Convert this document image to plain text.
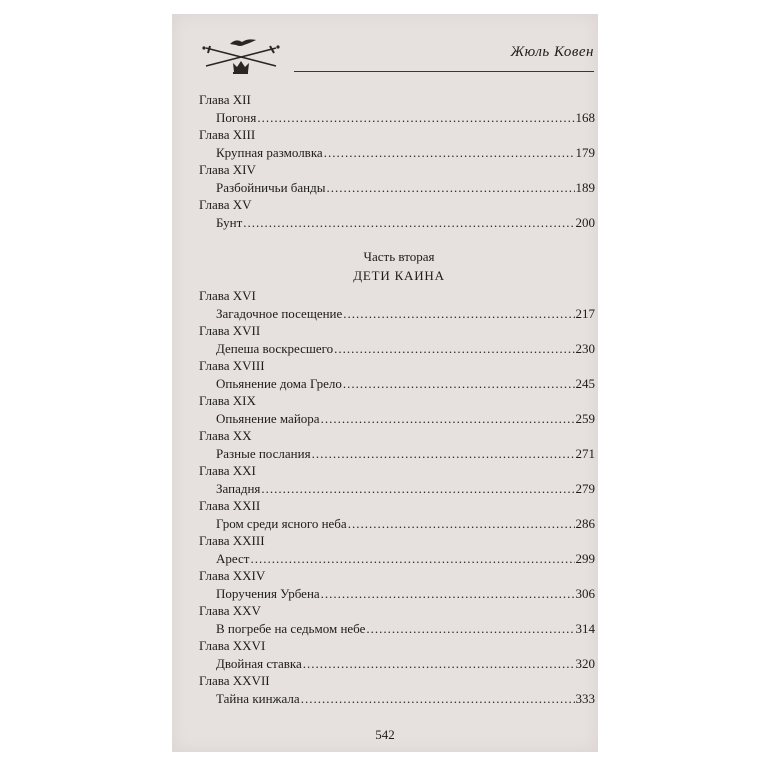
Жюль Ковен
Глава XII
Погоня .....	168
Глава XIII
Крупная размолвка .....	179
Глава XIV
Разбойничьи банды .....	189
Глава XV
Бунт .....	200
Часть вторая
ДЕТИ КАИНА
Глава XVI
Загадочное посещение .....	217
Глава XVII
Депеша воскресшего .....	230
Глава XVIII
Опьянение дома Грело .....	245
Глава XIX
Опьянение майора .....	259
Глава XX
Разные послания .....	271
Глава XXI
Западня .....	279
Глава XXII
Гром среди ясного неба .....	286
Глава XXIII
Арест .....	299
Глава XXIV
Поручения Урбена .....	306
Глава XXV
В погребе на седьмом небе .....	314
Глава XXVI
Двойная ставка .....	320
Глава XXVII
Тайна кинжала .....	333
542
